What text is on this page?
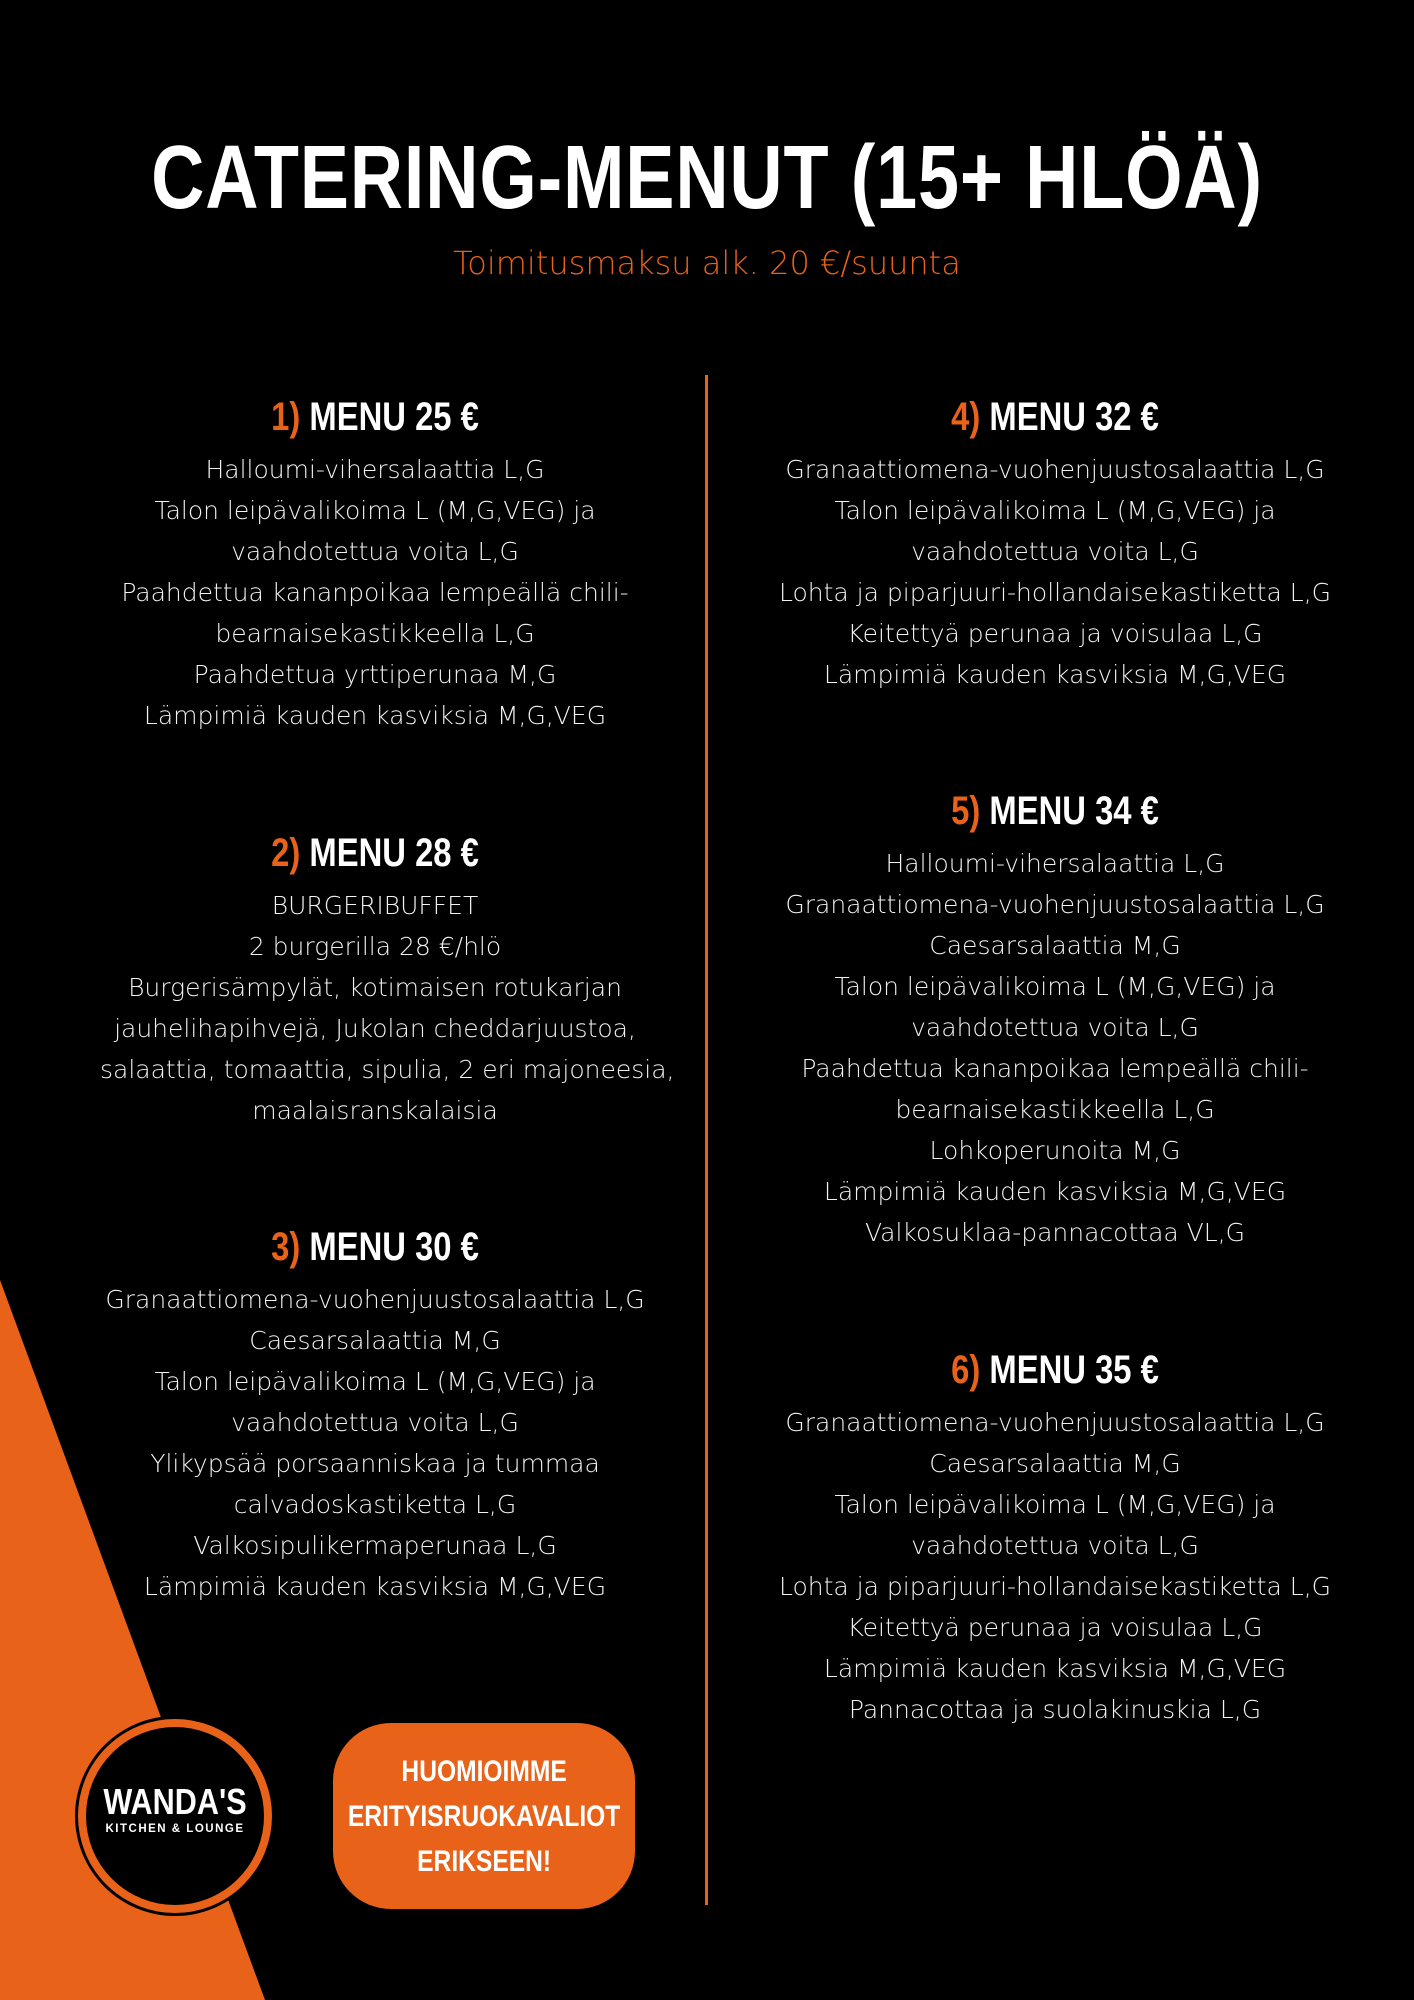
CATERING-MENUT (15+ HLÖÄ)
Toimitusmaksu alk. 20 €/suunta
1) MENU 25 €
Halloumi-vihersalaattia L,G
Talon leipävalikoima L (M,G,VEG) ja
vaahdotettua voita L,G
Paahdettua kananpoikaa lempeällä chili-
bearnaisekastikkeella L,G
Paahdettua yrttiperunaa M,G
Lämpimiä kauden kasviksia M,G,VEG
2) MENU 28 €
BURGERIBUFFET
2 burgerilla 28 €/hlö
Burgerisämpylät, kotimaisen rotukarjan
jauhelihapihvejä, Jukolan cheddarjuustoa,
salaattia, tomaattia, sipulia, 2 eri majoneesia,
maalaisranskalaisia
3) MENU 30 €
Granaattiomena-vuohenjuustosalaattia L,G
Caesarsalaattia M,G
Talon leipävalikoima L (M,G,VEG) ja
vaahdotettua voita L,G
Ylikypsää porsaanniskaa ja tummaa
calvadoskastiketta L,G
Valkosipulikermaperunaa L,G
Lämpimiä kauden kasviksia M,G,VEG
4) MENU 32 €
Granaattiomena-vuohenjuustosalaattia L,G
Talon leipävalikoima L (M,G,VEG) ja
vaahdotettua voita L,G
Lohta ja piparjuuri-hollandaisekastiketta L,G
Keitettyä perunaa ja voisulaa L,G
Lämpimiä kauden kasviksia M,G,VEG
5) MENU 34 €
Halloumi-vihersalaattia L,G
Granaattiomena-vuohenjuustosalaattia L,G
Caesarsalaattia M,G
Talon leipävalikoima L (M,G,VEG) ja
vaahdotettua voita L,G
Paahdettua kananpoikaa lempeällä chili-
bearnaisekastikkeella L,G
Lohkoperunoita M,G
Lämpimiä kauden kasviksia M,G,VEG
Valkosuklaa-pannacottaa VL,G
6) MENU 35 €
Granaattiomena-vuohenjuustosalaattia L,G
Caesarsalaattia M,G
Talon leipävalikoima L (M,G,VEG) ja
vaahdotettua voita L,G
Lohta ja piparjuuri-hollandaisekastiketta L,G
Keitettyä perunaa ja voisulaa L,G
Lämpimiä kauden kasviksia M,G,VEG
Pannacottaa ja suolakinuskia L,G
WANDA'S
KITCHEN & LOUNGE
HUOMIOIMME
ERITYISRUOKAVALIOT
ERIKSEEN!
